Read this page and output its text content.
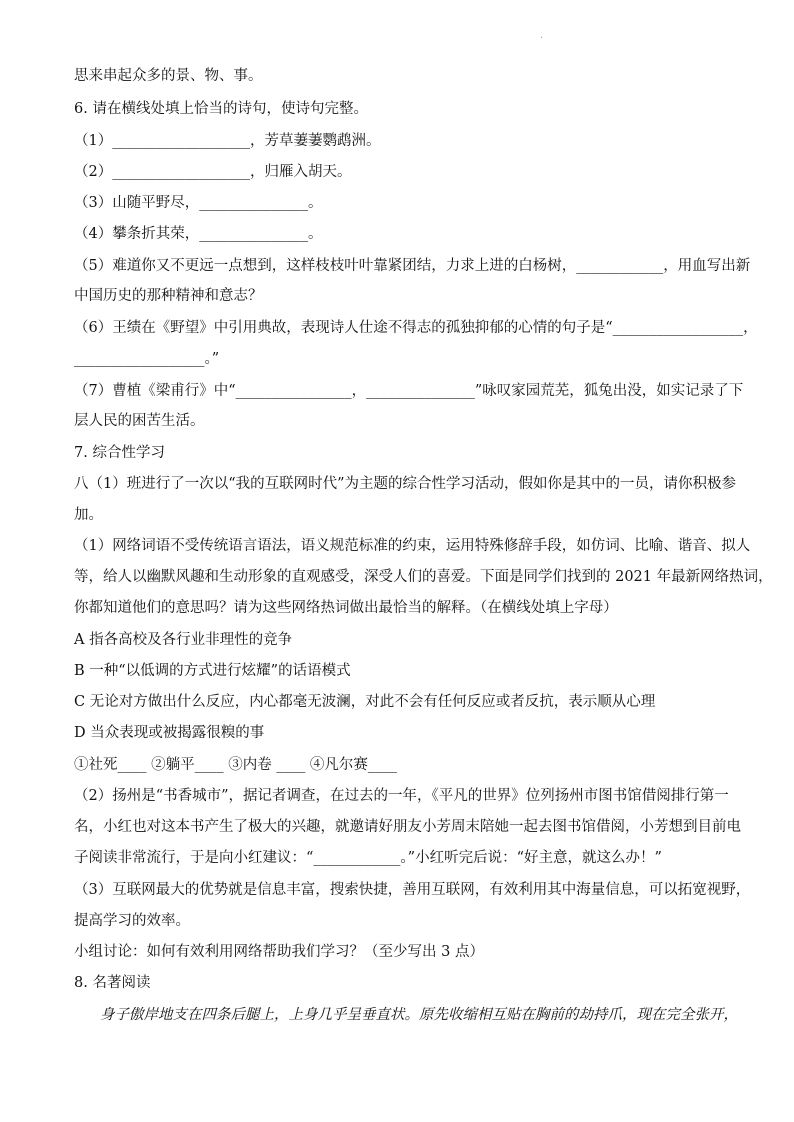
.
思来串起众多的景、物、事。
6. 请在横线处填上恰当的诗句，使诗句完整。
（1）___________________，芳草萋萋鹦鹉洲。
（2）___________________，归雁入胡天。
（3）山随平野尽，_______________。
（4）攀条折其荣，_______________。
（5）难道你又不更远一点想到，这样枝枝叶叶靠紧团结，力求上进的白杨树，____________，用血写出新
中国历史的那种精神和意志？
（6）王绩在《野望》中引用典故，表现诗人仕途不得志的孤独抑郁的心情的句子是“__________________，
__________________。”
（7）曹植《梁甫行》中“________________，_______________”咏叹家园荒芜，狐兔出没，如实记录了下
层人民的困苦生活。
7. 综合性学习
八（1）班进行了一次以“我的互联网时代”为主题的综合性学习活动，假如你是其中的一员，请你积极参
加。
（1）网络词语不受传统语言语法，语义规范标准的约束，运用特殊修辞手段，如仿词、比喻、谐音、拟人
等，给人以幽默风趣和生动形象的直观感受，深受人们的喜爱。下面是同学们找到的 2021 年最新网络热词，
你都知道他们的意思吗？请为这些网络热词做出最恰当的解释。（在横线处填上字母）
A 指各高校及各行业非理性的竞争
B 一种“以低调的方式进行炫耀”的话语模式
C 无论对方做出什么反应，内心都毫无波澜，对此不会有任何反应或者反抗，表示顺从心理
D 当众表现或被揭露很糗的事
①社死____ ②躺平____ ③内卷 ____ ④凡尔赛____
（2）扬州是“书香城市”，据记者调查，在过去的一年，《平凡的世界》位列扬州市图书馆借阅排行第一
名，小红也对这本书产生了极大的兴趣，就邀请好朋友小芳周末陪她一起去图书馆借阅，小芳想到目前电
子阅读非常流行，于是向小红建议：“____________。”小红听完后说：“好主意，就这么办！”
（3）互联网最大的优势就是信息丰富，搜索快捷，善用互联网，有效利用其中海量信息，可以拓宽视野，
提高学习的效率。
小组讨论：如何有效利用网络帮助我们学习？（至少写出 3 点）
8. 名著阅读
身子傲岸地支在四条后腿上，上身几乎呈垂直状。原先收缩相互贴在胸前的劫持爪，现在完全张开，
